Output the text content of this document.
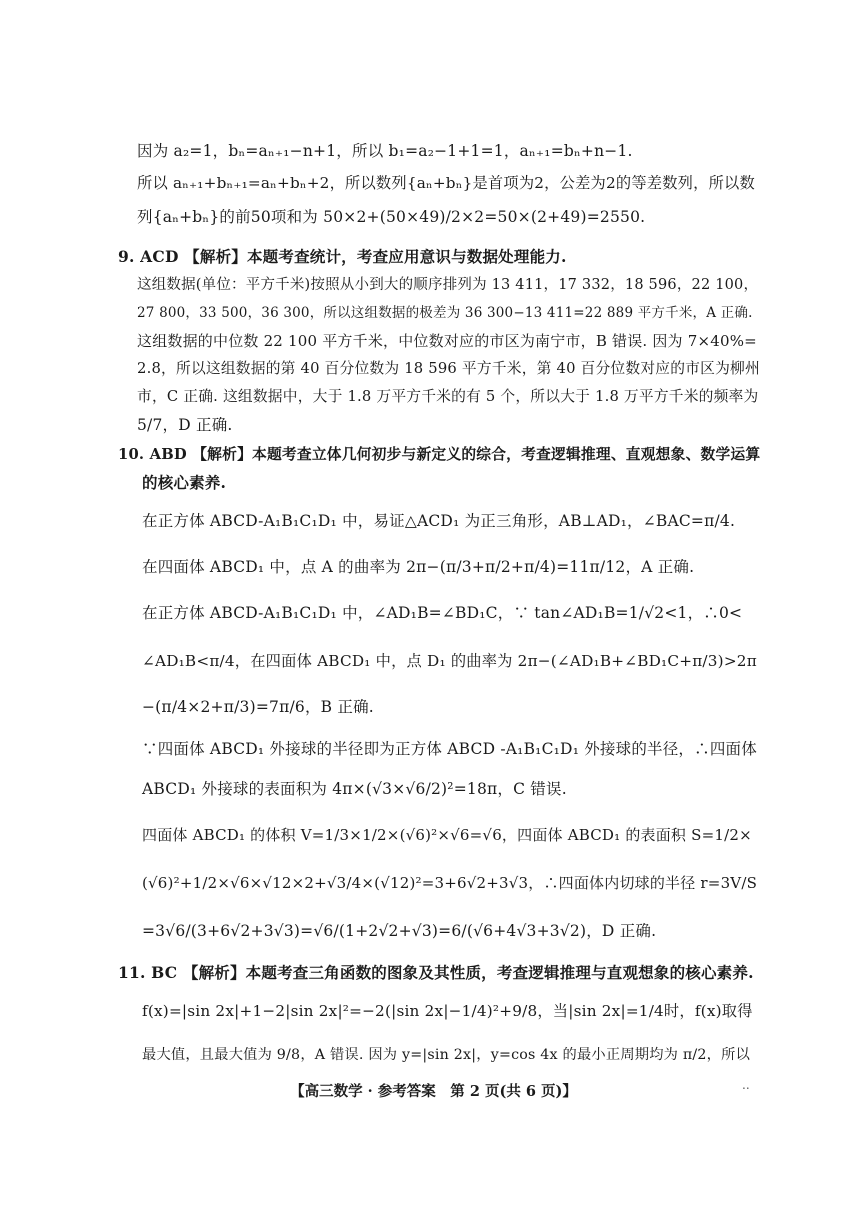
因为 a₂=1，bₙ=aₙ₊₁−n+1，所以 b₁=a₂−1+1=1，aₙ₊₁=bₙ+n−1.
所以 aₙ₊₁+bₙ₊₁=aₙ+bₙ+2，所以数列{aₙ+bₙ}是首项为2，公差为2的等差数列，所以数
列{aₙ+bₙ}的前50项和为 50×2+(50×49)/2×2=50×(2+49)=2550.
9. ACD 【解析】本题考查统计，考查应用意识与数据处理能力.
这组数据(单位：平方千米)按照从小到大的顺序排列为 13 411，17 332，18 596，22 100，
27 800，33 500，36 300，所以这组数据的极差为 36 300−13 411=22 889 平方千米，A 正确.
这组数据的中位数 22 100 平方千米，中位数对应的市区为南宁市，B 错误. 因为 7×40%=
2.8，所以这组数据的第 40 百分位数为 18 596 平方千米，第 40 百分位数对应的市区为柳州
市，C 正确. 这组数据中，大于 1.8 万平方千米的有 5 个，所以大于 1.8 万平方千米的频率为
5/7，D 正确.
10. ABD 【解析】本题考查立体几何初步与新定义的综合，考查逻辑推理、直观想象、数学运算
的核心素养.
在正方体 ABCD-A₁B₁C₁D₁ 中，易证△ACD₁ 为正三角形，AB⊥AD₁，∠BAC=π/4.
在四面体 ABCD₁ 中，点 A 的曲率为 2π−(π/3+π/2+π/4)=11π/12，A 正确.
在正方体 ABCD-A₁B₁C₁D₁ 中，∠AD₁B=∠BD₁C，∵ tan∠AD₁B=1/√2<1，∴0<
∠AD₁B<π/4，在四面体 ABCD₁ 中，点 D₁ 的曲率为 2π−(∠AD₁B+∠BD₁C+π/3)>2π
−(π/4×2+π/3)=7π/6，B 正确.
∵四面体 ABCD₁ 外接球的半径即为正方体 ABCD -A₁B₁C₁D₁ 外接球的半径，∴四面体
ABCD₁ 外接球的表面积为 4π×(√3×√6/2)²=18π，C 错误.
四面体 ABCD₁ 的体积 V=1/3×1/2×(√6)²×√6=√6，四面体 ABCD₁ 的表面积 S=1/2×
(√6)²+1/2×√6×√12×2+√3/4×(√12)²=3+6√2+3√3，∴四面体内切球的半径 r=3V/S
=3√6/(3+6√2+3√3)=√6/(1+2√2+√3)=6/(√6+4√3+3√2)，D 正确.
11. BC 【解析】本题考查三角函数的图象及其性质，考查逻辑推理与直观想象的核心素养.
f(x)=|sin 2x|+1−2|sin 2x|²=−2(|sin 2x|−1/4)²+9/8，当|sin 2x|=1/4时，f(x)取得
最大值，且最大值为 9/8，A 错误. 因为 y=|sin 2x|，y=cos 4x 的最小正周期均为 π/2，所以
【高三数学 · 参考答案　第 2 页(共 6 页)】	..
